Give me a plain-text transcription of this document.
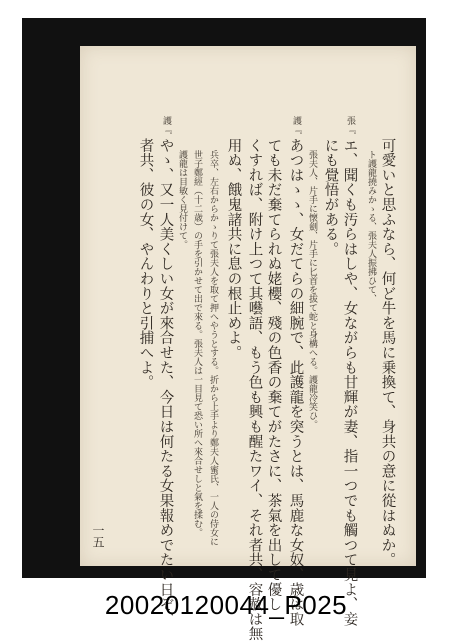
可愛いと思ふなら、何ど牛を馬に乗換て、身共の意に從はぬか。
ト護龍撓みかゝる、張夫人振拂ひて、
張『
エ、聞くも汚らはしや、女ながらも甘輝が妻、指一つでも觸つて見よ、妾
にも覺悟がある。
張夫人、片手に懐劍、片手に匕首を拔て蛇と身構へる。護龍冷笑ひ。
護『
あつはゝゝ、女だてらの細腕で、此護龍を突うとは、馬鹿な女奴、歳は取
ても未だ棄てられぬ姥櫻、殘の色香の棄てがたさに、茶氣を出して優し
くすれば、附け上つて其囈語、もう色も興も醒たワイ、それ者共、容赦は無
用ぬ、餓鬼諸共に息の根止めよ。
兵卒、左右からかゝりて張夫人を取て押へやうとする。折から上手より鄭夫人蜜氏、一人の侍女に
世子鄭經（十二歳）の手を引かせて出で來る。張夫人は一目見て恐い所へ來合せしと氣を揉む。
護龍は目敏く見付けて。
護『
やゝ、又一人美くしい女が來合せた、今日は何たる女果報めでたい日ぞ、
者共、彼の女、やんわりと引捕へよ。
一五
20020120044_P025
